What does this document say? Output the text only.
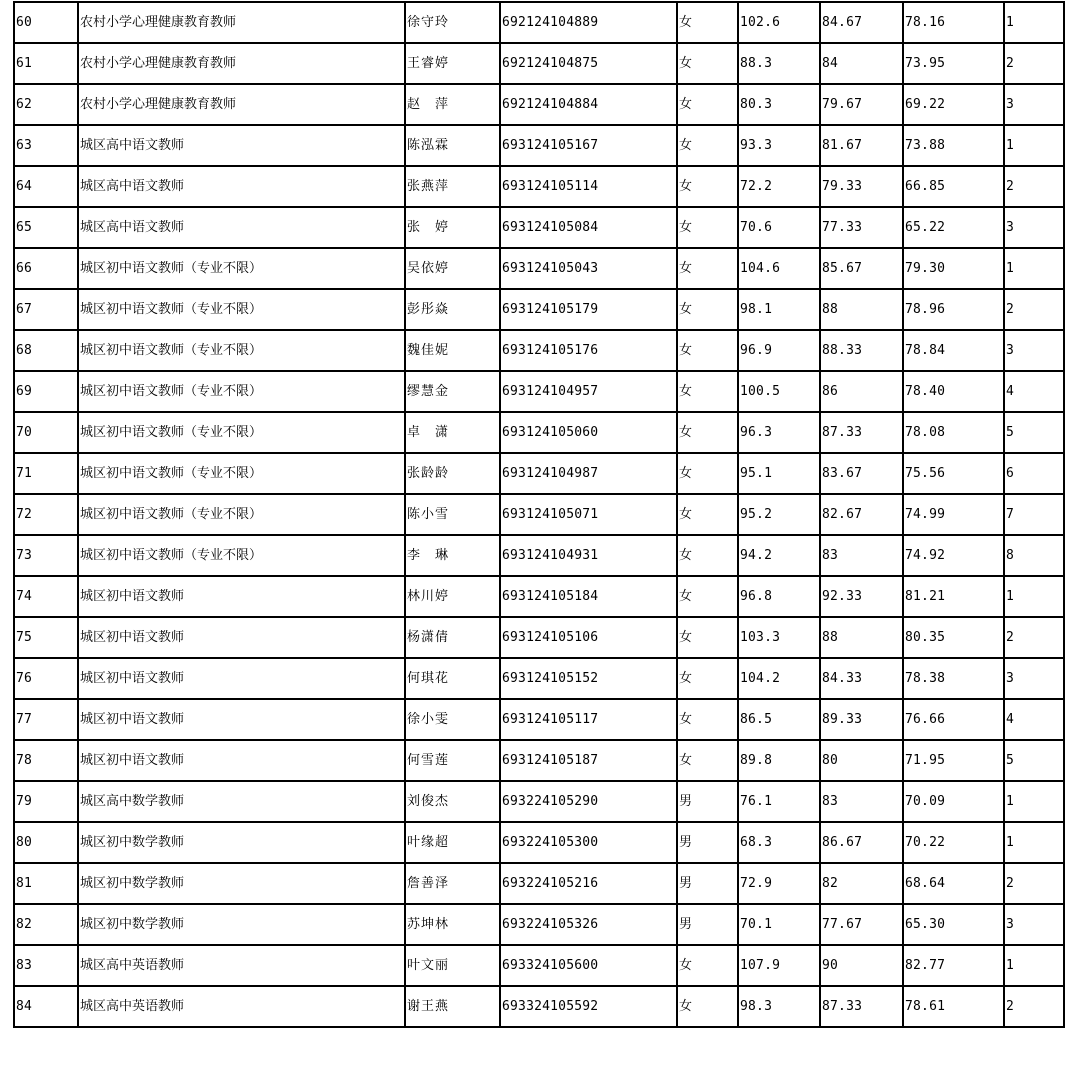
60	农村小学心理健康教育教师	徐守玲	692124104889	女	102.6	84.67	78.16	1
61	农村小学心理健康教育教师	王睿婷	692124104875	女	88.3	84	73.95	2
62	农村小学心理健康教育教师	赵　萍	692124104884	女	80.3	79.67	69.22	3
63	城区高中语文教师	陈泓霖	693124105167	女	93.3	81.67	73.88	1
64	城区高中语文教师	张燕萍	693124105114	女	72.2	79.33	66.85	2
65	城区高中语文教师	张　婷	693124105084	女	70.6	77.33	65.22	3
66	城区初中语文教师（专业不限）	吴依婷	693124105043	女	104.6	85.67	79.30	1
67	城区初中语文教师（专业不限）	彭彤焱	693124105179	女	98.1	88	78.96	2
68	城区初中语文教师（专业不限）	魏佳妮	693124105176	女	96.9	88.33	78.84	3
69	城区初中语文教师（专业不限）	缪慧金	693124104957	女	100.5	86	78.40	4
70	城区初中语文教师（专业不限）	卓　潇	693124105060	女	96.3	87.33	78.08	5
71	城区初中语文教师（专业不限）	张龄龄	693124104987	女	95.1	83.67	75.56	6
72	城区初中语文教师（专业不限）	陈小雪	693124105071	女	95.2	82.67	74.99	7
73	城区初中语文教师（专业不限）	李　琳	693124104931	女	94.2	83	74.92	8
74	城区初中语文教师	林川婷	693124105184	女	96.8	92.33	81.21	1
75	城区初中语文教师	杨潇倩	693124105106	女	103.3	88	80.35	2
76	城区初中语文教师	何琪花	693124105152	女	104.2	84.33	78.38	3
77	城区初中语文教师	徐小雯	693124105117	女	86.5	89.33	76.66	4
78	城区初中语文教师	何雪莲	693124105187	女	89.8	80	71.95	5
79	城区高中数学教师	刘俊杰	693224105290	男	76.1	83	70.09	1
80	城区初中数学教师	叶缘超	693224105300	男	68.3	86.67	70.22	1
81	城区初中数学教师	詹善泽	693224105216	男	72.9	82	68.64	2
82	城区初中数学教师	苏坤林	693224105326	男	70.1	77.67	65.30	3
83	城区高中英语教师	叶文丽	693324105600	女	107.9	90	82.77	1
84	城区高中英语教师	谢王燕	693324105592	女	98.3	87.33	78.61	2
